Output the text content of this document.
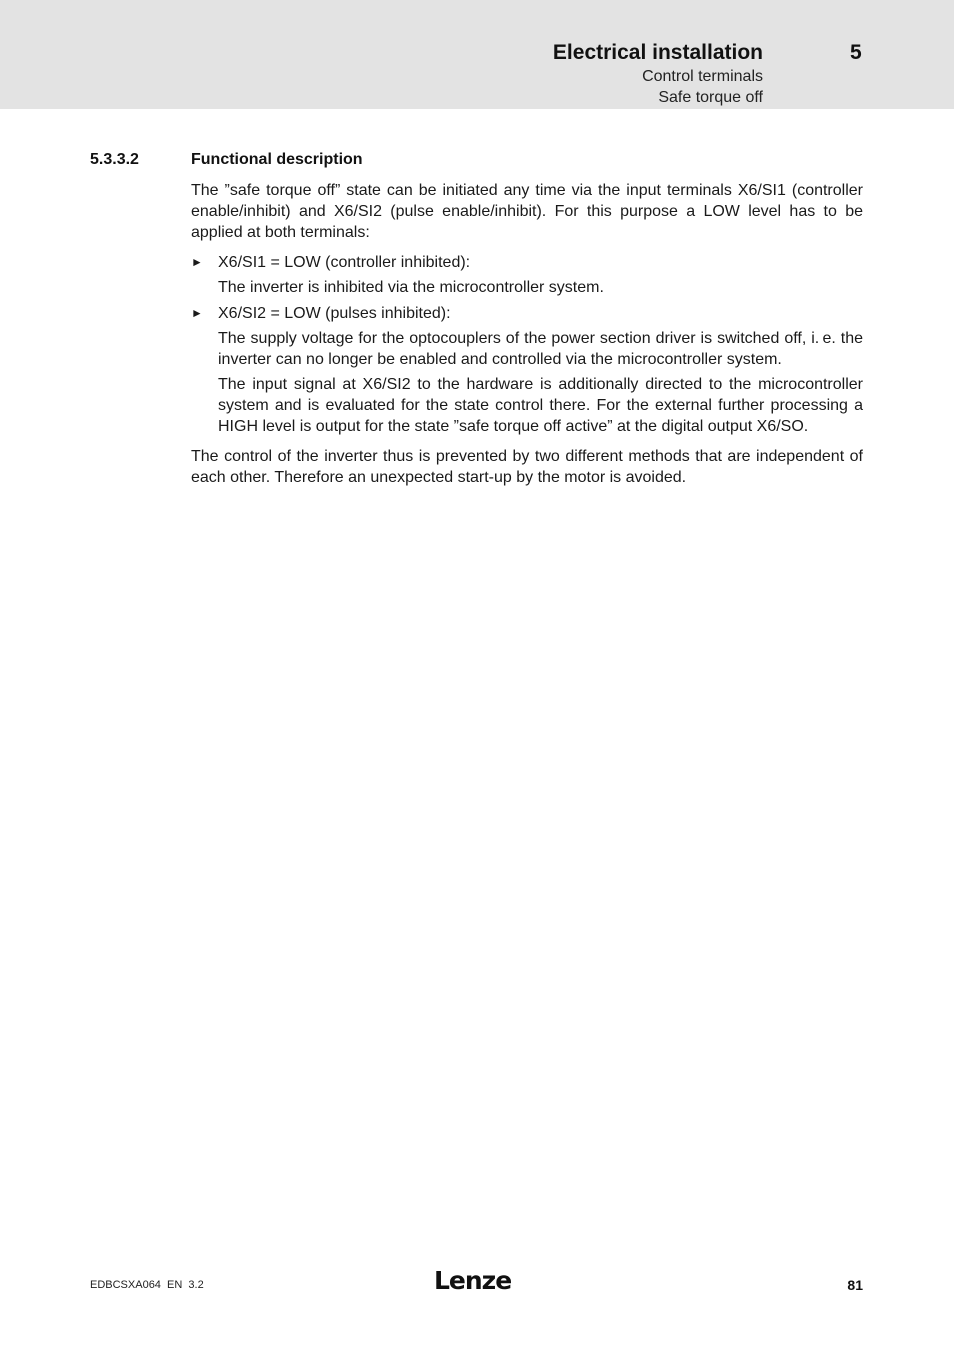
Electrical installation	5
Control terminals
Safe torque off
5.3.3.2	Functional description

The ”safe torque off” state can be initiated any time via the input terminals X6/SI1 (controller enable/inhibit) and X6/SI2 (pulse enable/inhibit). For this purpose a LOW level has to be applied at both terminals:

► X6/SI1 = LOW (controller inhibited):

The inverter is inhibited via the microcontroller system.

► X6/SI2 = LOW (pulses inhibited):

The supply voltage for the optocouplers of the power section driver is switched off, i. e. the inverter can no longer be enabled and controlled via the microcontroller system.

The input signal at X6/SI2 to the hardware is additionally directed to the microcontroller system and is evaluated for the state control there. For the external further processing a HIGH level is output for the state ”safe torque off active” at the digital output X6/SO.

The control of the inverter thus is prevented by two different methods that are independent of each other. Therefore an unexpected start-up by the motor is avoided.

EDBCSXA064  EN  3.2	Lenze	81
